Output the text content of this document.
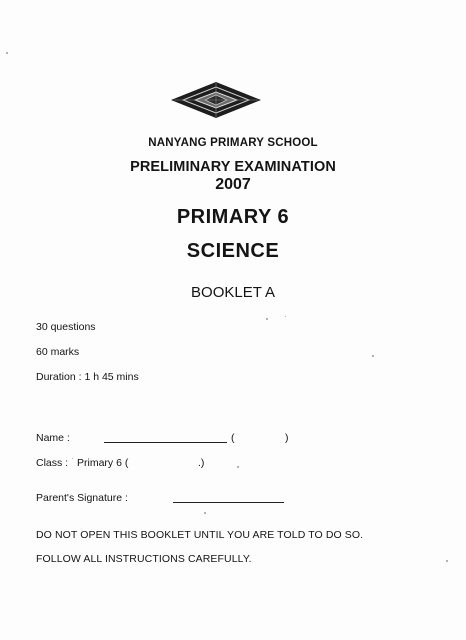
NANYANG PRIMARY SCHOOL
PRELIMINARY EXAMINATION
2007
PRIMARY 6
SCIENCE
BOOKLET A
30 questions
60 marks
Duration : 1 h 45 mins
Name :	(	)
Class : Primary 6 (	.)
Parent's Signature :
DO NOT OPEN THIS BOOKLET UNTIL YOU ARE TOLD TO DO SO.
FOLLOW ALL INSTRUCTIONS CAREFULLY.
